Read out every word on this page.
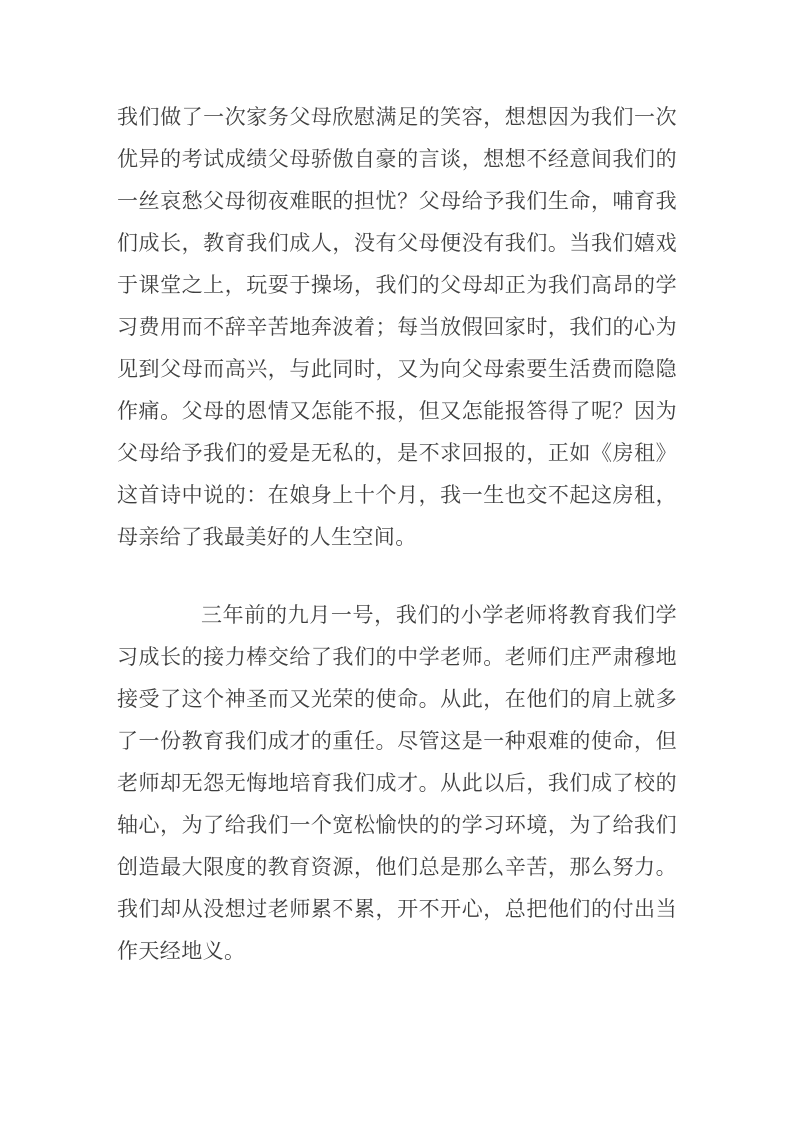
我们做了一次家务父母欣慰满足的笑容，想想因为我们一次优异的考试成绩父母骄傲自豪的言谈，想想不经意间我们的一丝哀愁父母彻夜难眠的担忧？父母给予我们生命，哺育我们成长，教育我们成人，没有父母便没有我们。当我们嬉戏于课堂之上，玩耍于操场，我们的父母却正为我们高昂的学习费用而不辞辛苦地奔波着；每当放假回家时，我们的心为见到父母而高兴，与此同时，又为向父母索要生活费而隐隐作痛。父母的恩情又怎能不报，但又怎能报答得了呢？因为父母给予我们的爱是无私的，是不求回报的，正如《房租》这首诗中说的：在娘身上十个月，我一生也交不起这房租，母亲给了我最美好的人生空间。

三年前的九月一号，我们的小学老师将教育我们学习成长的接力棒交给了我们的中学老师。老师们庄严肃穆地接受了这个神圣而又光荣的使命。从此，在他们的肩上就多了一份教育我们成才的重任。尽管这是一种艰难的使命，但老师却无怨无悔地培育我们成才。从此以后，我们成了校的轴心，为了给我们一个宽松愉快的的学习环境，为了给我们创造最大限度的教育资源，他们总是那么辛苦，那么努力。我们却从没想过老师累不累，开不开心，总把他们的付出当作天经地义。
